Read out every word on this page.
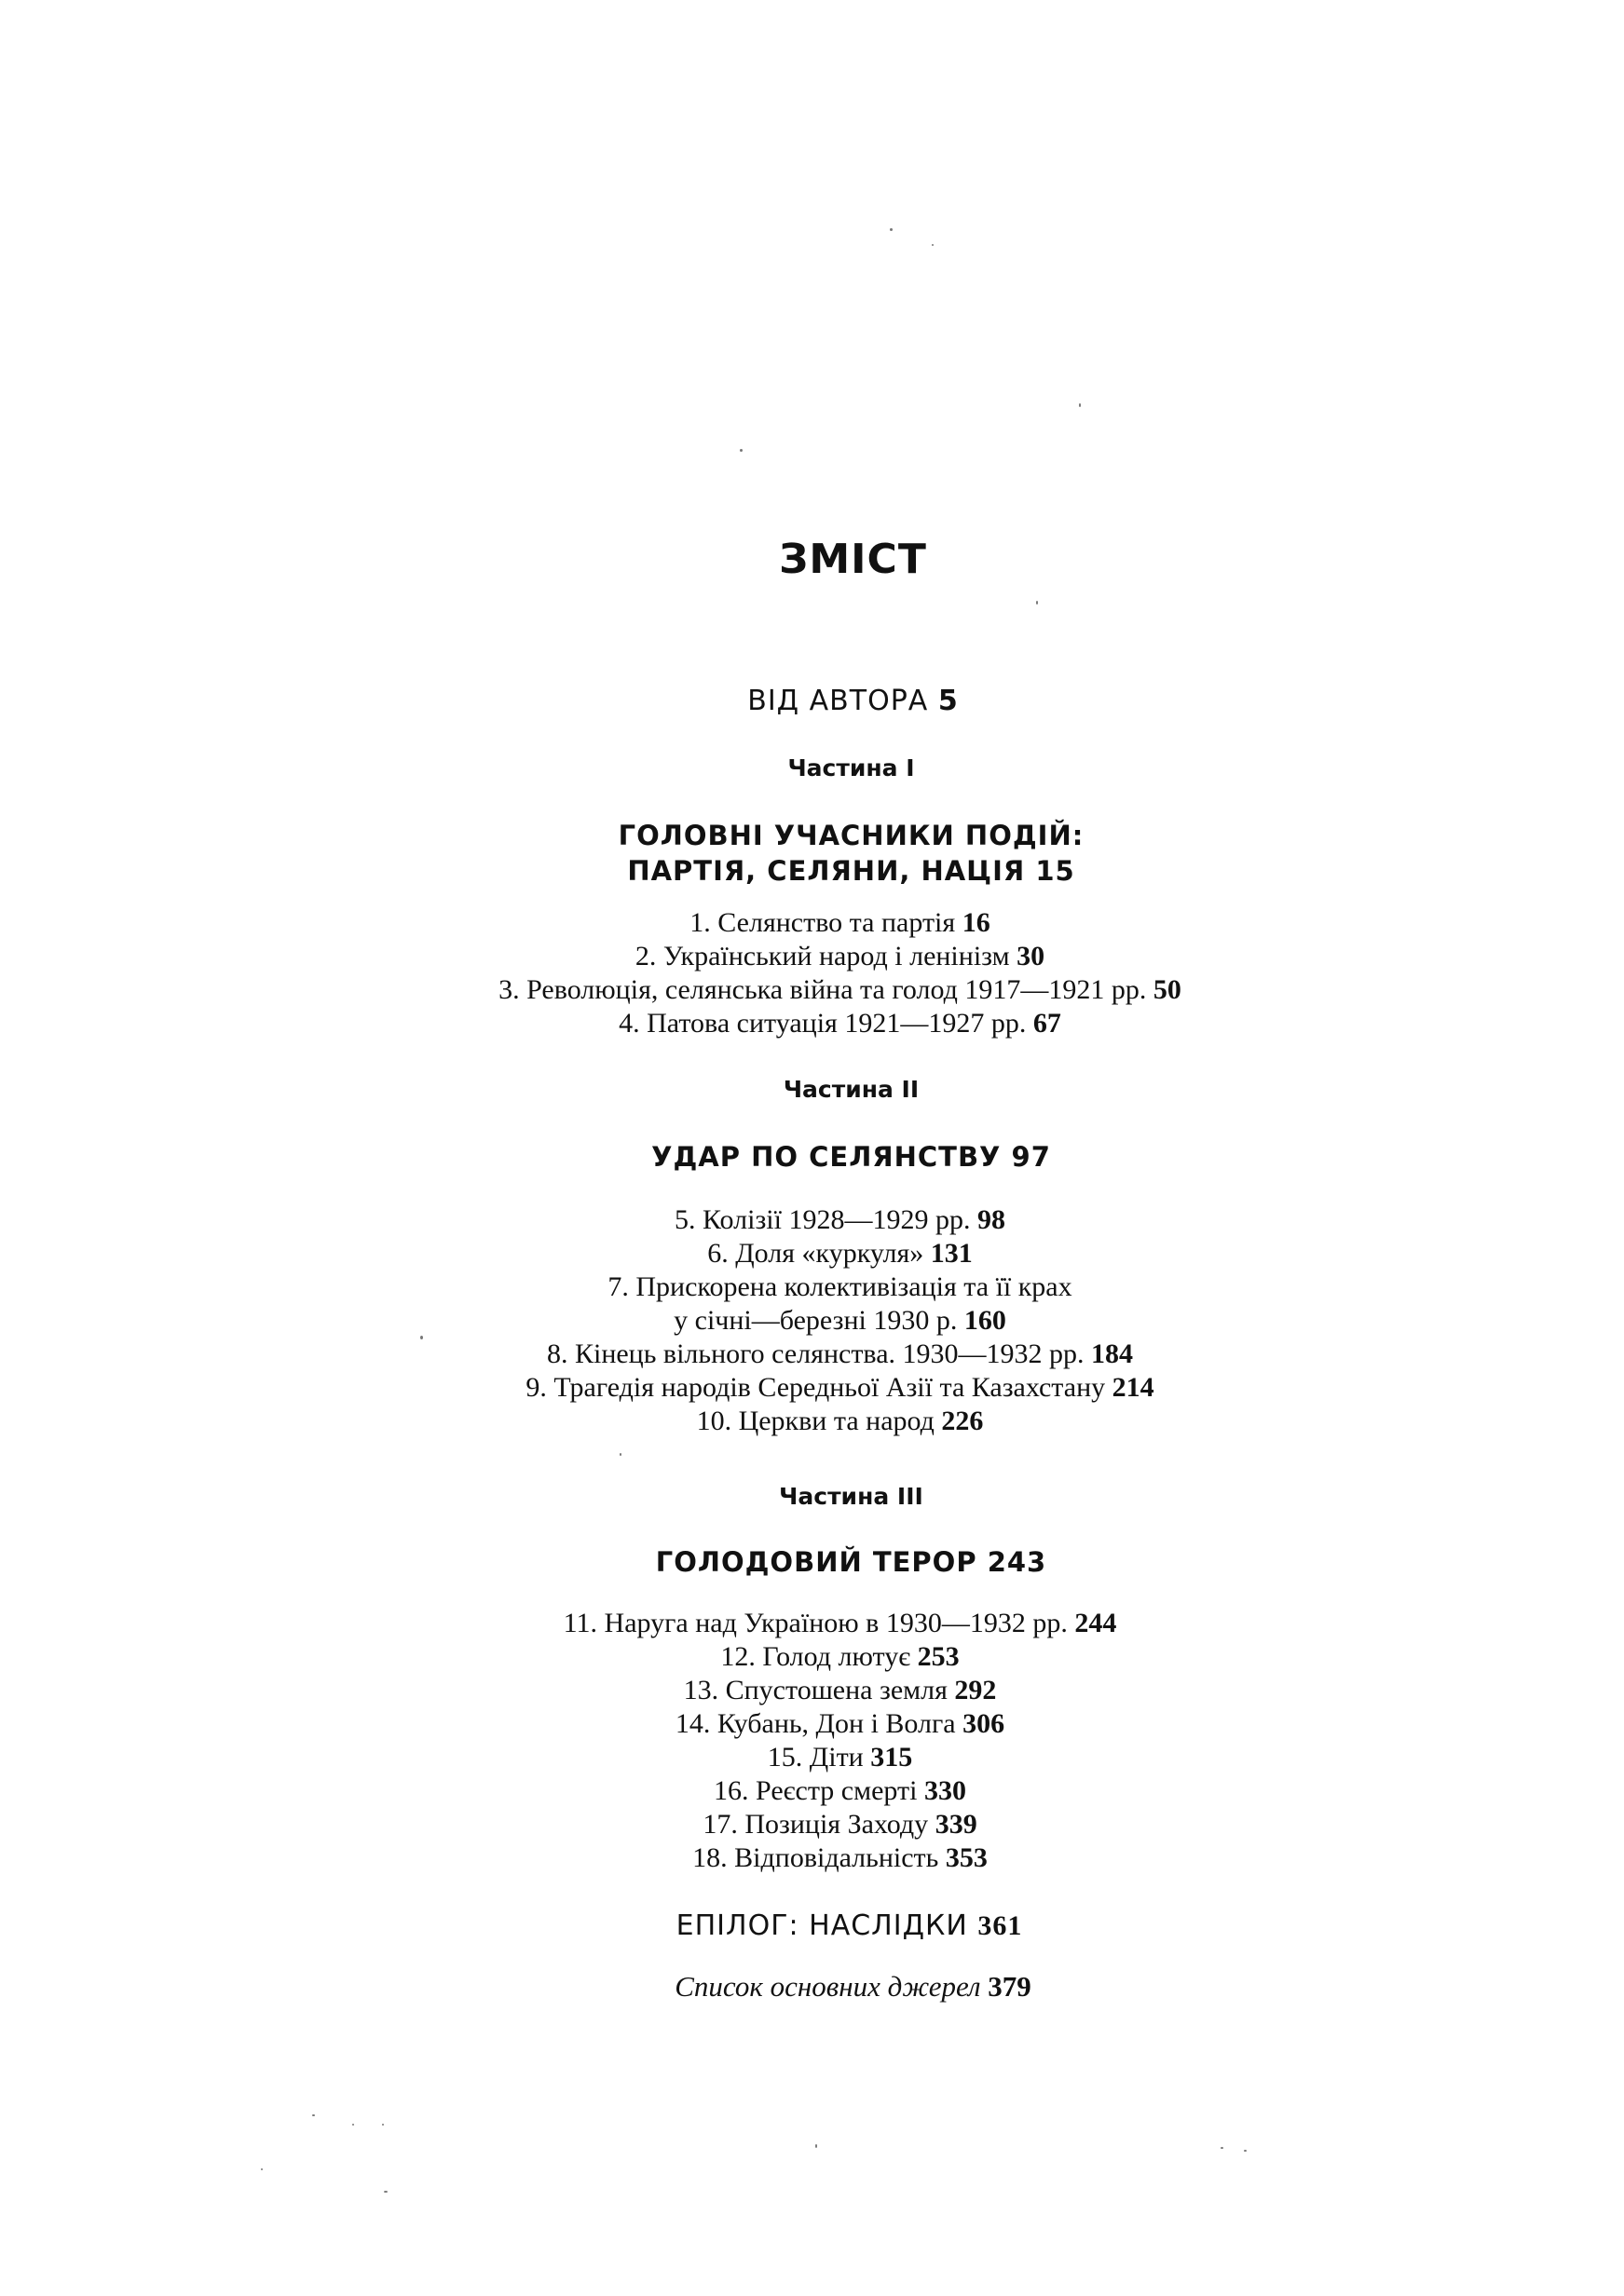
ЗМІСТ
ВІД АВТОРА 5
Частина I
ГОЛОВНІ УЧАСНИКИ ПОДІЙ:
ПАРТІЯ, СЕЛЯНИ, НАЦІЯ 15
1. Селянство та партія 16
2. Український народ і ленінізм 30
3. Революція, селянська війна та голод 1917—1921 pp. 50
4. Патова ситуація 1921—1927 pp. 67
Частина II
УДАР ПО СЕЛЯНСТВУ 97
5. Колізії 1928—1929 pp. 98
6. Доля «куркуля» 131
7. Прискорена колективізація та її крах
у січні—березні 1930 р. 160
8. Кінець вільного селянства. 1930—1932 pp. 184
9. Трагедія народів Середньої Азії та Казахстану 214
10. Церкви та народ 226
Частина III
ГОЛОДОВИЙ ТЕРОР 243
11. Наруга над Україною в 1930—1932 pp. 244
12. Голод лютує 253
13. Спустошена земля 292
14. Кубань, Дон і Волга 306
15. Діти 315
16. Реєстр смерті 330
17. Позиція Заходу 339
18. Відповідальність 353
ЕПІЛОГ: НАСЛІДКИ 361
Список основних джерел 379
